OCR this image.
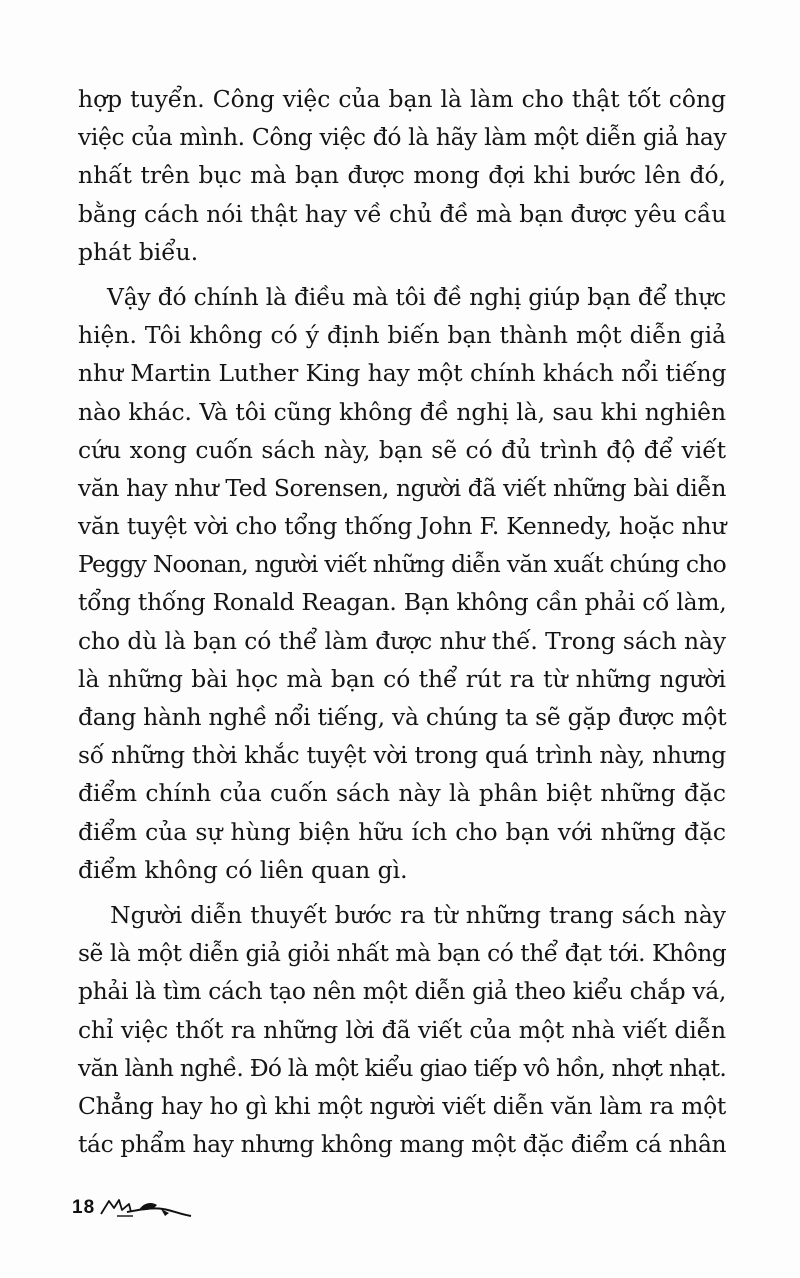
hợp tuyển. Công việc của bạn là làm cho thật tốt công
việc của mình. Công việc đó là hãy làm một diễn giả hay
nhất trên bục mà bạn được mong đợi khi bước lên đó,
bằng cách nói thật hay về chủ đề mà bạn được yêu cầu
phát biểu.
Vậy đó chính là điều mà tôi đề nghị giúp bạn để thực
hiện. Tôi không có ý định biến bạn thành một diễn giả
như Martin Luther King hay một chính khách nổi tiếng
nào khác. Và tôi cũng không đề nghị là, sau khi nghiên
cứu xong cuốn sách này, bạn sẽ có đủ trình độ để viết
văn hay như Ted Sorensen, người đã viết những bài diễn
văn tuyệt vời cho tổng thống John F. Kennedy, hoặc như
Peggy Noonan, người viết những diễn văn xuất chúng cho
tổng thống Ronald Reagan. Bạn không cần phải cố làm,
cho dù là bạn có thể làm được như thế. Trong sách này
là những bài học mà bạn có thể rút ra từ những người
đang hành nghề nổi tiếng, và chúng ta sẽ gặp được một
số những thời khắc tuyệt vời trong quá trình này, nhưng
điểm chính của cuốn sách này là phân biệt những đặc
điểm của sự hùng biện hữu ích cho bạn với những đặc
điểm không có liên quan gì.
Người diễn thuyết bước ra từ những trang sách này
sẽ là một diễn giả giỏi nhất mà bạn có thể đạt tới. Không
phải là tìm cách tạo nên một diễn giả theo kiểu chắp vá,
chỉ việc thốt ra những lời đã viết của một nhà viết diễn
văn lành nghề. Đó là một kiểu giao tiếp vô hồn, nhợt nhạt.
Chẳng hay ho gì khi một người viết diễn văn làm ra một
tác phẩm hay nhưng không mang một đặc điểm cá nhân
18
